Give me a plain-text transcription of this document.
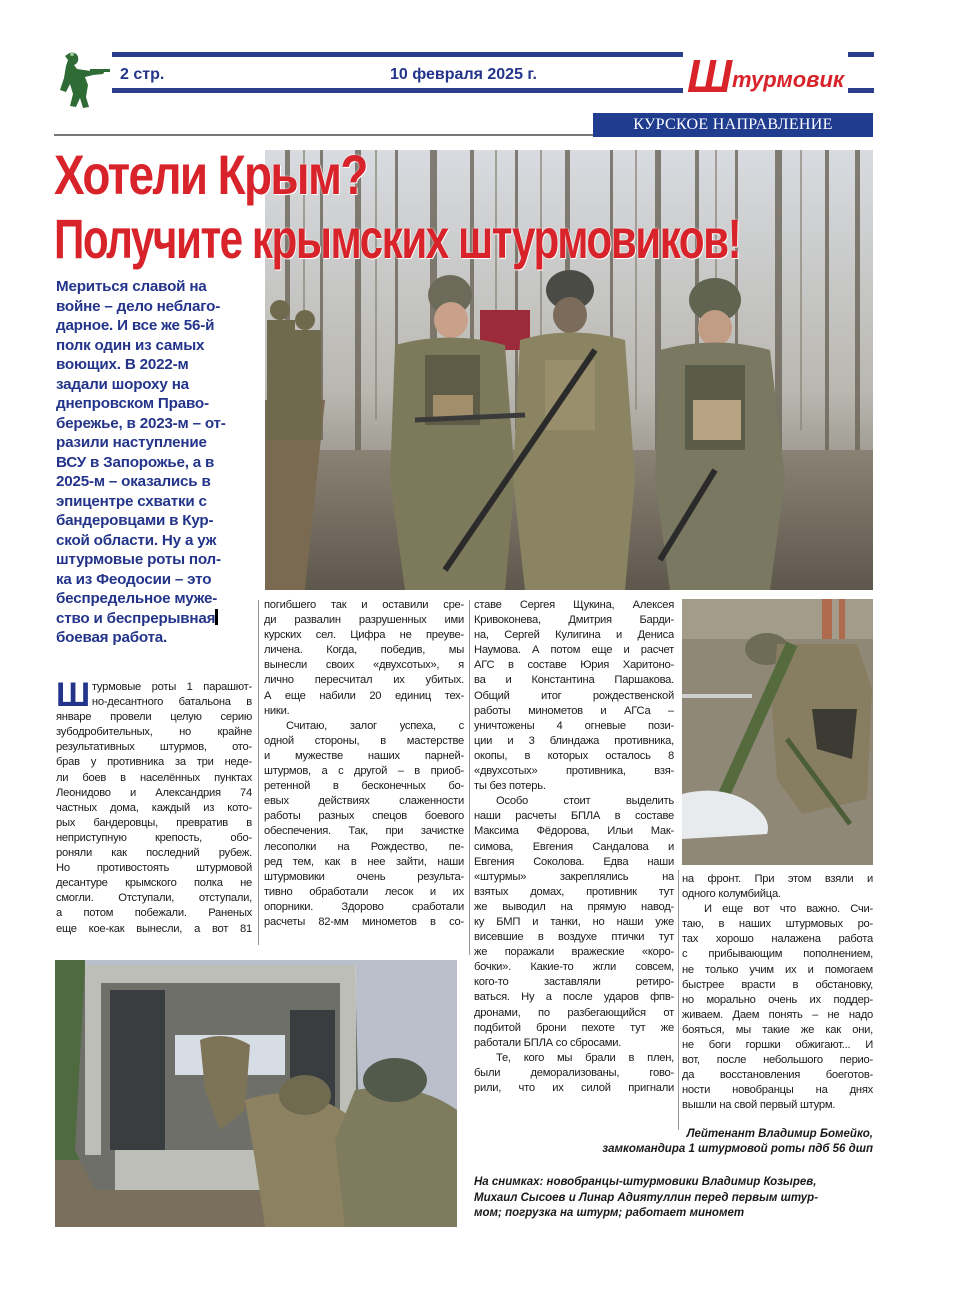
2 стр.	10 февраля 2025 г.	Ш турмовик
КУРСКОЕ НАПРАВЛЕНИЕ
Хотели Крым?
Получите крымских штурмовиков!
Мериться славой на
войне – дело неблаго-
дарное. И все же 56-й
полк один из самых
воющих. В 2022-м
задали шороху на
днепровском Право-
бережье, в 2023-м – от-
разили наступление
ВСУ в Запорожье, а в
2025-м – оказались в
эпицентре схватки с
бандеровцами в Кур-
ской области. Ну а уж
штурмовые роты пол-
ка из Феодосии – это
беспредельное муже-
ство и беспрерывная
боевая работа.
Ш турмовые роты 1 парашют-
но-десантного батальона в
январе провели целую серию
зубодробительных, но крайне
результативных штурмов, ото-
брав у противника за три неде-
ли боев в населённых пунктах
Леонидово и Александрия 74
частных дома, каждый из кото-
рых бандеровцы, превратив в
неприступную крепость, обо-
роняли как последний рубеж.
Но противостоять штурмовой
десантуре крымского полка не
смогли. Отступали, отступали,
а потом побежали. Раненых
еще кое-как вынесли, а вот 81
погибшего так и оставили сре-
ди развалин разрушенных ими
курских сел. Цифра не преуве-
личена. Когда, победив, мы
вынесли своих «двухсотых», я
лично пересчитал их убитых.
А еще набили 20 единиц тех-
ники.
Считаю, залог успеха, с
одной стороны, в мастерстве
и мужестве наших парней-
штурмов, а с другой – в приоб-
ретенной в бесконечных бо-
евых действиях слаженности
работы разных спецов боевого
обеспечения. Так, при зачистке
лесополки на Рождество, пе-
ред тем, как в нее зайти, наши
штурмовики очень результа-
тивно обработали лесок и их
опорники. Здорово сработали
расчеты 82-мм минометов в со-
ставе Сергея Щукина, Алексея
Кривоконева, Дмитрия Барди-
на, Сергей Кулигина и Дениса
Наумова. А потом еще и расчет
АГС в составе Юрия Харитоно-
ва и Константина Паршакова.
Общий итог рождественской
работы минометов и АГСа –
уничтожены 4 огневые пози-
ции и 3 блиндажа противника,
окопы, в которых осталось 8
«двухсотых» противника, взя-
ты без потерь.
Особо стоит выделить
наши расчеты БПЛА в составе
Максима Фёдорова, Ильи Мак-
симова, Евгения Сандалова и
Евгения Соколова. Едва наши
«штурмы» закреплялись на
взятых домах, противник тут
же выводил на прямую навод-
ку БМП и танки, но наши уже
висевшие в воздухе птички тут
же поражали вражеские «коро-
бочки». Какие-то жгли совсем,
кого-то заставляли ретиро-
ваться. Ну а после ударов фпв-
дронами, по разбегающийся от
подбитой брони пехоте тут же
работали БПЛА со сбросами.
Те, кого мы брали в плен,
были деморализованы, гово-
рили, что их силой пригнали
на фронт. При этом взяли и
одного колумбийца.
И еще вот что важно. Счи-
таю, в наших штурмовых ро-
тах хорошо налажена работа
с прибывающим пополнением,
не только учим их и помогаем
быстрее врасти в обстановку,
но морально очень их поддер-
живаем. Даем понять – не надо
бояться, мы такие же как они,
не боги горшки обжигают... И
вот, после небольшого перио-
да восстановления боеготов-
ности новобранцы на днях
вышли на свой первый штурм.
Лейтенант Владимир Бомейко,
замкомандира 1 штурмовой роты пдб 56 дшп
На снимках: новобранцы-штурмовики Владимир Козырев,
Михаил Сысоев и Линар Адиятуллин перед первым штур-
мом; погрузка на штурм; работает миномет
